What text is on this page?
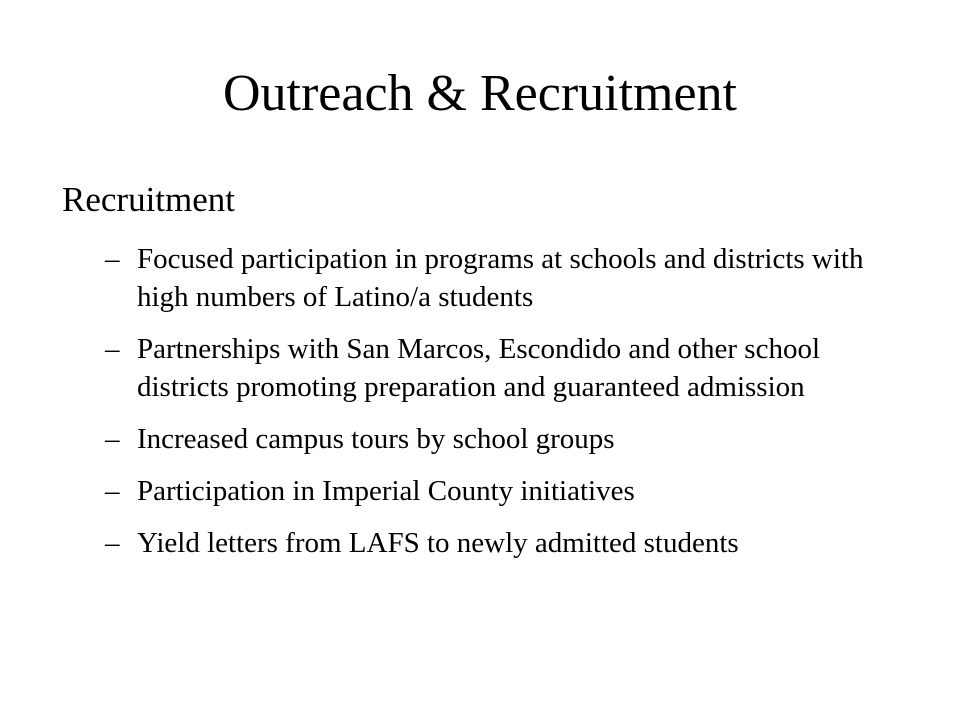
Outreach & Recruitment
Recruitment
– Focused participation in programs at schools and districts with high numbers of Latino/a students
– Partnerships with San Marcos, Escondido and other school districts promoting preparation and guaranteed admission
– Increased campus tours by school groups
– Participation in Imperial County initiatives
– Yield letters from LAFS to newly admitted students
